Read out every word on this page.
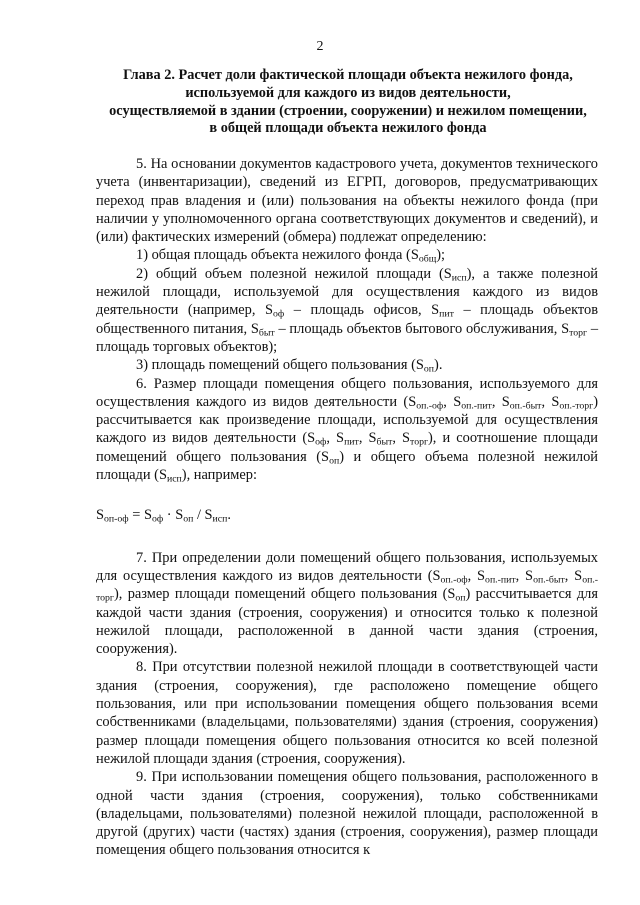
2
Глава 2. Расчет доли фактической площади объекта нежилого фонда,
используемой для каждого из видов деятельности,
осуществляемой в здании (строении, сооружении) и нежилом помещении,
в общей площади объекта нежилого фонда

5. На основании документов кадастрового учета, документов технического учета (инвентаризации), сведений из ЕГРП, договоров, предусматривающих переход прав владения и (или) пользования на объекты нежилого фонда (при наличии у уполномоченного органа соответствующих документов и сведений), и (или) фактических измерений (обмера) подлежат определению:

1) общая площадь объекта нежилого фонда $(S_{общ})$;

2) общий объем полезной нежилой площади $(S_{исп})$, а также полезной нежилой площади, используемой для осуществления каждого из видов деятельности (например, $S_{оф}$ – площадь офисов, $S_{пит}$ – площадь объектов общественного питания, $S_{быт}$ – площадь объектов бытового обслуживания, $S_{торг}$ – площадь торговых объектов);

3) площадь помещений общего пользования $(S_{оп})$.

6. Размер площади помещения общего пользования, используемого для осуществления каждого из видов деятельности ($S_{оп.-оф}$, $S_{оп.-пит}$, $S_{оп.-быт}$, $S_{оп.-торг}$) рассчитывается как произведение площади, используемой для осуществления каждого из видов деятельности ($S_{оф}$, $S_{пит}$, $S_{быт}$, $S_{торг}$), и соотношение площади помещений общего пользования $(S_{оп})$ и общего объема полезной нежилой площади $(S_{исп})$, например:

$S_{оп-оф} = S_{оф} \cdot S_{оп} / S_{исп}$.

7. При определении доли помещений общего пользования, используемых для осуществления каждого из видов деятельности ($S_{оп.-оф}$, $S_{оп.-пит}$, $S_{оп.-быт}$, $S_{оп.-торг}$), размер площади помещений общего пользования $(S_{оп})$ рассчитывается для каждой части здания (строения, сооружения) и относится только к полезной нежилой площади, расположенной в данной части здания (строения, сооружения).

8. При отсутствии полезной нежилой площади в соответствующей части здания (строения, сооружения), где расположено помещение общего пользования, или при использовании помещения общего пользования всеми собственниками (владельцами, пользователями) здания (строения, сооружения) размер площади помещения общего пользования относится ко всей полезной нежилой площади здания (строения, сооружения).

9. При использовании помещения общего пользования, расположенного в одной части здания (строения, сооружения), только собственниками (владельцами, пользователями) полезной нежилой площади, расположенной в другой (других) части (частях) здания (строения, сооружения), размер площади помещения общего пользования относится к
